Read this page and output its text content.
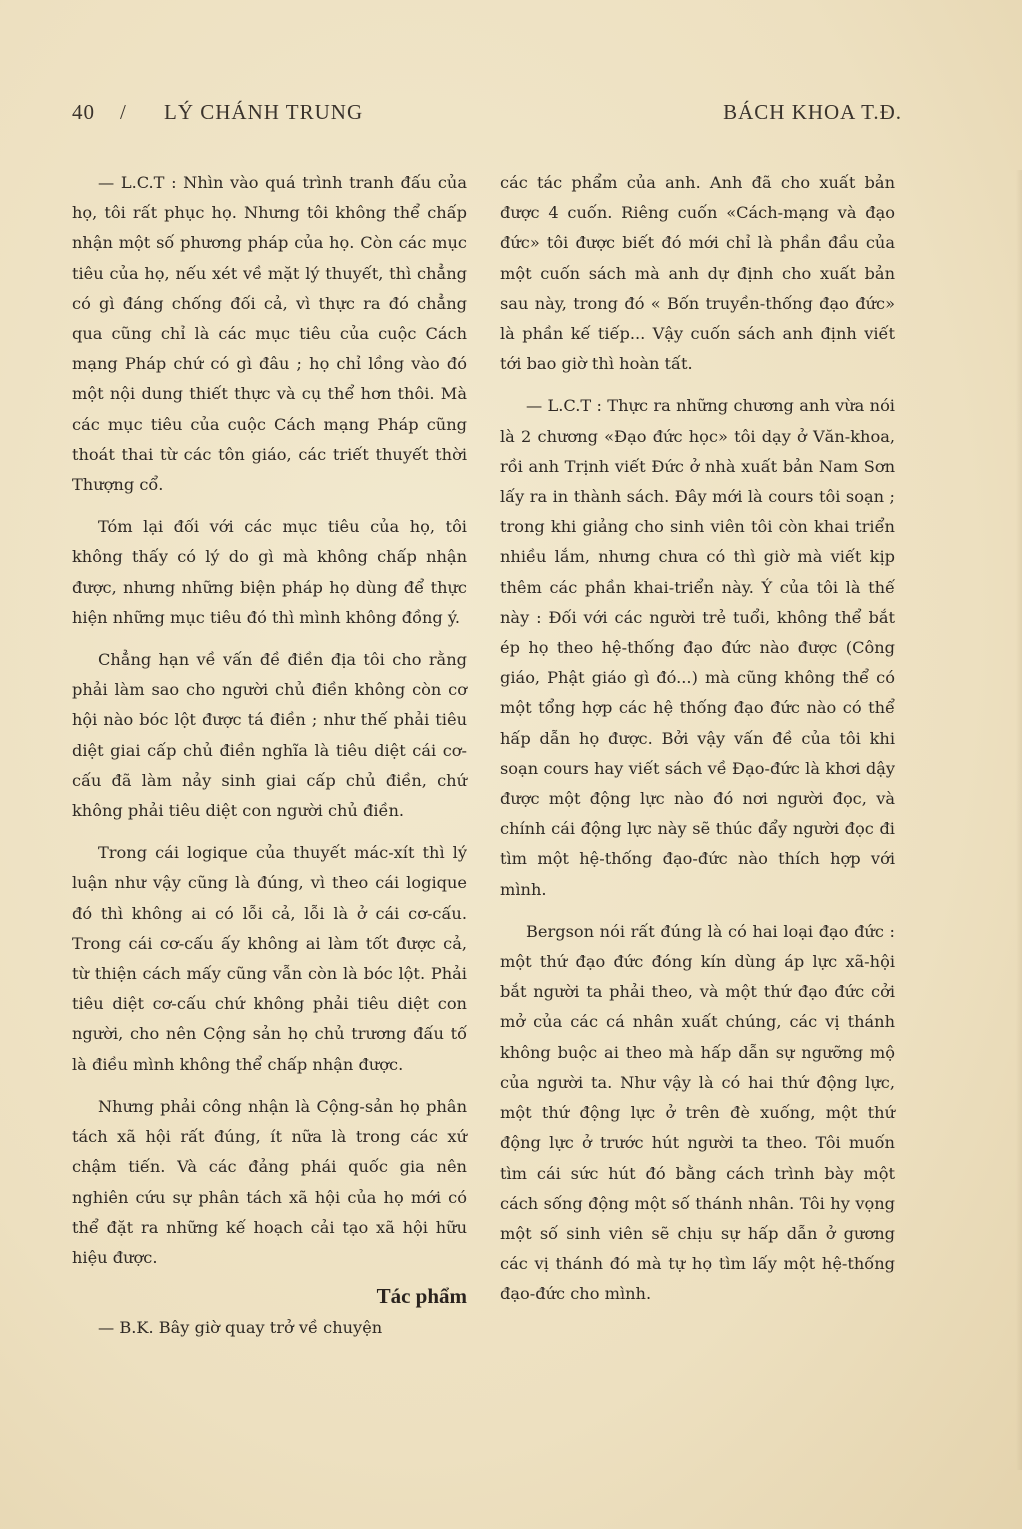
40 / LÝ CHÁNH TRUNG	BÁCH KHOA T.Đ.

— L.C.T : Nhìn vào quá trình tranh đấu của họ, tôi rất phục họ. Nhưng tôi không thể chấp nhận một số phương pháp của họ. Còn các mục tiêu của họ, nếu xét về mặt lý thuyết, thì chẳng có gì đáng chống đối cả, vì thực ra đó chẳng qua cũng chỉ là các mục tiêu của cuộc Cách mạng Pháp chứ có gì đâu ; họ chỉ lồng vào đó một nội dung thiết thực và cụ thể hơn thôi. Mà các mục tiêu của cuộc Cách mạng Pháp cũng thoát thai từ các tôn giáo, các triết thuyết thời Thượng cổ.

Tóm lại đối với các mục tiêu của họ, tôi không thấy có lý do gì mà không chấp nhận được, nhưng những biện pháp họ dùng để thực hiện những mục tiêu đó thì mình không đồng ý.

Chẳng hạn về vấn đề điền địa tôi cho rằng phải làm sao cho người chủ điền không còn cơ hội nào bóc lột được tá điền ; như thế phải tiêu diệt giai cấp chủ điền nghĩa là tiêu diệt cái cơ-cấu đã làm nảy sinh giai cấp chủ điền, chứ không phải tiêu diệt con người chủ điền.

Trong cái logique của thuyết mác-xít thì lý luận như vậy cũng là đúng, vì theo cái logique đó thì không ai có lỗi cả, lỗi là ở cái cơ-cấu. Trong cái cơ-cấu ấy không ai làm tốt được cả, từ thiện cách mấy cũng vẫn còn là bóc lột. Phải tiêu diệt cơ-cấu chứ không phải tiêu diệt con người, cho nên Cộng sản họ chủ trương đấu tố là điều mình không thể chấp nhận được.

Nhưng phải công nhận là Cộng-sản họ phân tách xã hội rất đúng, ít nữa là trong các xứ chậm tiến. Và các đảng phái quốc gia nên nghiên cứu sự phân tách xã hội của họ mới có thể đặt ra những kế hoạch cải tạo xã hội hữu hiệu được.

Tác phẩm

— B.K. Bây giờ quay trở về chuyện

các tác phẩm của anh. Anh đã cho xuất bản được 4 cuốn. Riêng cuốn «Cách-mạng và đạo đức» tôi được biết đó mới chỉ là phần đầu của một cuốn sách mà anh dự định cho xuất bản sau này, trong đó « Bốn truyền-thống đạo đức» là phần kế tiếp... Vậy cuốn sách anh định viết tới bao giờ thì hoàn tất.

— L.C.T : Thực ra những chương anh vừa nói là 2 chương «Đạo đức học» tôi dạy ở Văn-khoa, rồi anh Trịnh viết Đức ở nhà xuất bản Nam Sơn lấy ra in thành sách. Đây mới là cours tôi soạn ; trong khi giảng cho sinh viên tôi còn khai triển nhiều lắm, nhưng chưa có thì giờ mà viết kịp thêm các phần khai-triển này. Ý của tôi là thế này : Đối với các người trẻ tuổi, không thể bắt ép họ theo hệ-thống đạo đức nào được (Công giáo, Phật giáo gì đó...) mà cũng không thể có một tổng hợp các hệ thống đạo đức nào có thể hấp dẫn họ được. Bởi vậy vấn đề của tôi khi soạn cours hay viết sách về Đạo-đức là khơi dậy được một động lực nào đó nơi người đọc, và chính cái động lực này sẽ thúc đẩy người đọc đi tìm một hệ-thống đạo-đức nào thích hợp với mình.

Bergson nói rất đúng là có hai loại đạo đức : một thứ đạo đức đóng kín dùng áp lực xã-hội bắt người ta phải theo, và một thứ đạo đức cởi mở của các cá nhân xuất chúng, các vị thánh không buộc ai theo mà hấp dẫn sự ngưỡng mộ của người ta. Như vậy là có hai thứ động lực, một thứ động lực ở trên đè xuống, một thứ động lực ở trước hút người ta theo. Tôi muốn tìm cái sức hút đó bằng cách trình bày một cách sống động một số thánh nhân. Tôi hy vọng một số sinh viên sẽ chịu sự hấp dẫn ở gương các vị thánh đó mà tự họ tìm lấy một hệ-thống đạo-đức cho mình.
